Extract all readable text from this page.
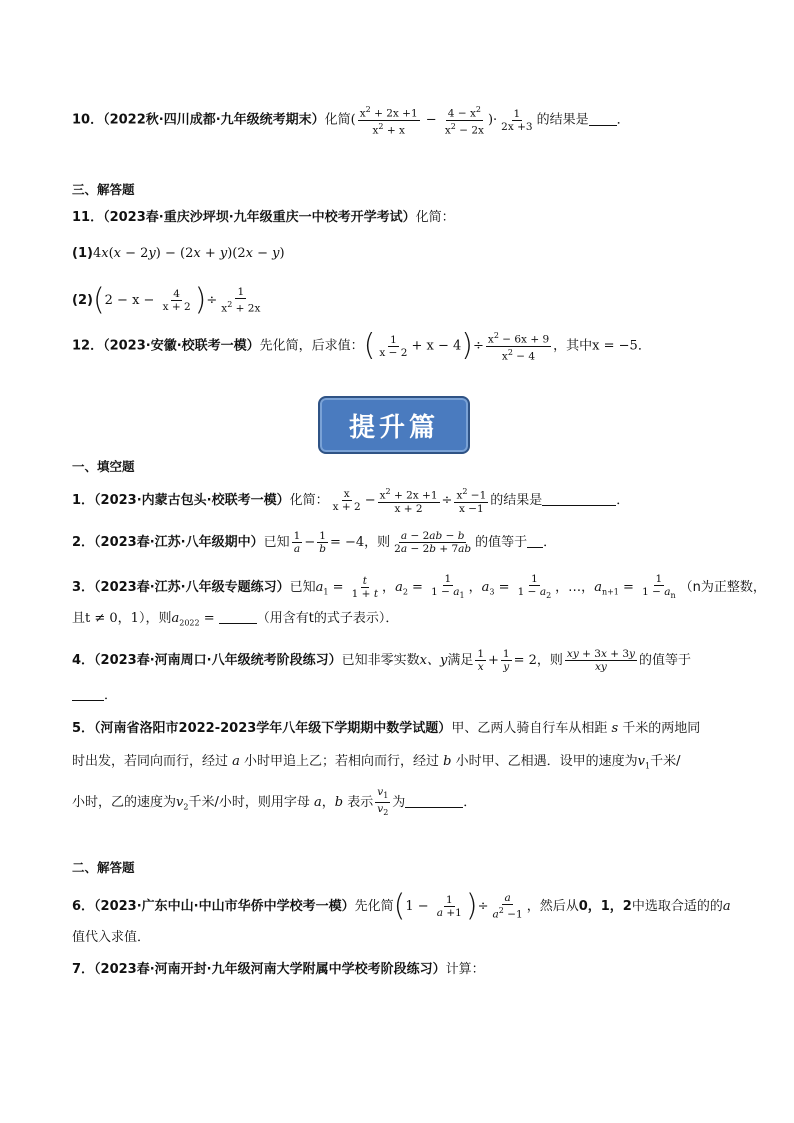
10．（2022秋·四川成都·九年级统考期末）化简( $\frac{x^2 + 2x +1}{x^2 + x} - \frac{4 - x^2}{x^2 - 2x}$ )· $\frac{1}{2x +3}$ 的结果是 ．
三、解答题
11．（2023春·重庆沙坪坝·九年级重庆一中校考开学考试）化简：
(1)4x(x − 2y) − (2x + y)(2x − y)
$(2)(2 - x - \frac{4}{x + 2}$ )÷ $\frac{1}{x^2 + 2x}$
12．（2023·安徽·校联考一模）先化简，后求值：( $\frac{1}{x - 2} + x - 4)\div \frac{x^2 - 6x + 9}{x^2 - 4}$ ，其中x = −5．
提升篇
一、填空题
1．（2023·内蒙古包头·校联考一模）化简： $\frac{x}{x + 2} - \frac{x^2 + 2x +1}{x + 2} \div \frac{x^2 -1}{x -1}$ 的结果是	．
2．（2023春·江苏·八年级期中）已知 $\frac{1}{a} - \frac{1}{b} = -4$，则 $\frac{a - 2ab - b}{2a - 2b + 7ab}$ 的值等于 ．
3．（2023春·江苏·八年级专题练习）已知$a_1 = \frac{t}{1 + t}$ ，$a_2 = \frac{1}{1 - a_1}$ ，$a_3 = \frac{1}{1 - a_2}$ ，…，$a_{n+1} = \frac{1}{1 - a_n} (n$为正整数，
且t ≠ 0，1），则$a_{2022}$ =	（用含有t的式子表示）．
4．（2023春·河南周口·八年级统考阶段练习）已知非零实数x、y满足 $\frac{1}{x} + \frac{1}{y} = 2$，则 $\frac{xy + 3x + 3y}{xy}$ 的值等于
．
5．（河南省洛阳市2022-2023学年八年级下学期期中数学试题）甲、乙两人骑自行车从相距 s 千米的两地同
时出发，若同向而行，经过 a 小时甲追上乙；若相向而行，经过 b 小时甲、乙相遇．设甲的速度为$v_1$千米/
小时，乙的速度为$v_2$千米/小时，则用字母 a，b 表示 $\frac{v_1}{v_2}$ 为	．
二、解答题
6．（2023·广东中山·中山市华侨中学校考一模）先化简($1 - \frac{1}{a +1}$ )÷ $\frac{a}{a^2 -1}$ ，然后从0，1，2中选取合适的的a
值代入求值．
7．（2023春·河南开封·九年级河南大学附属中学校考阶段练习）计算：
